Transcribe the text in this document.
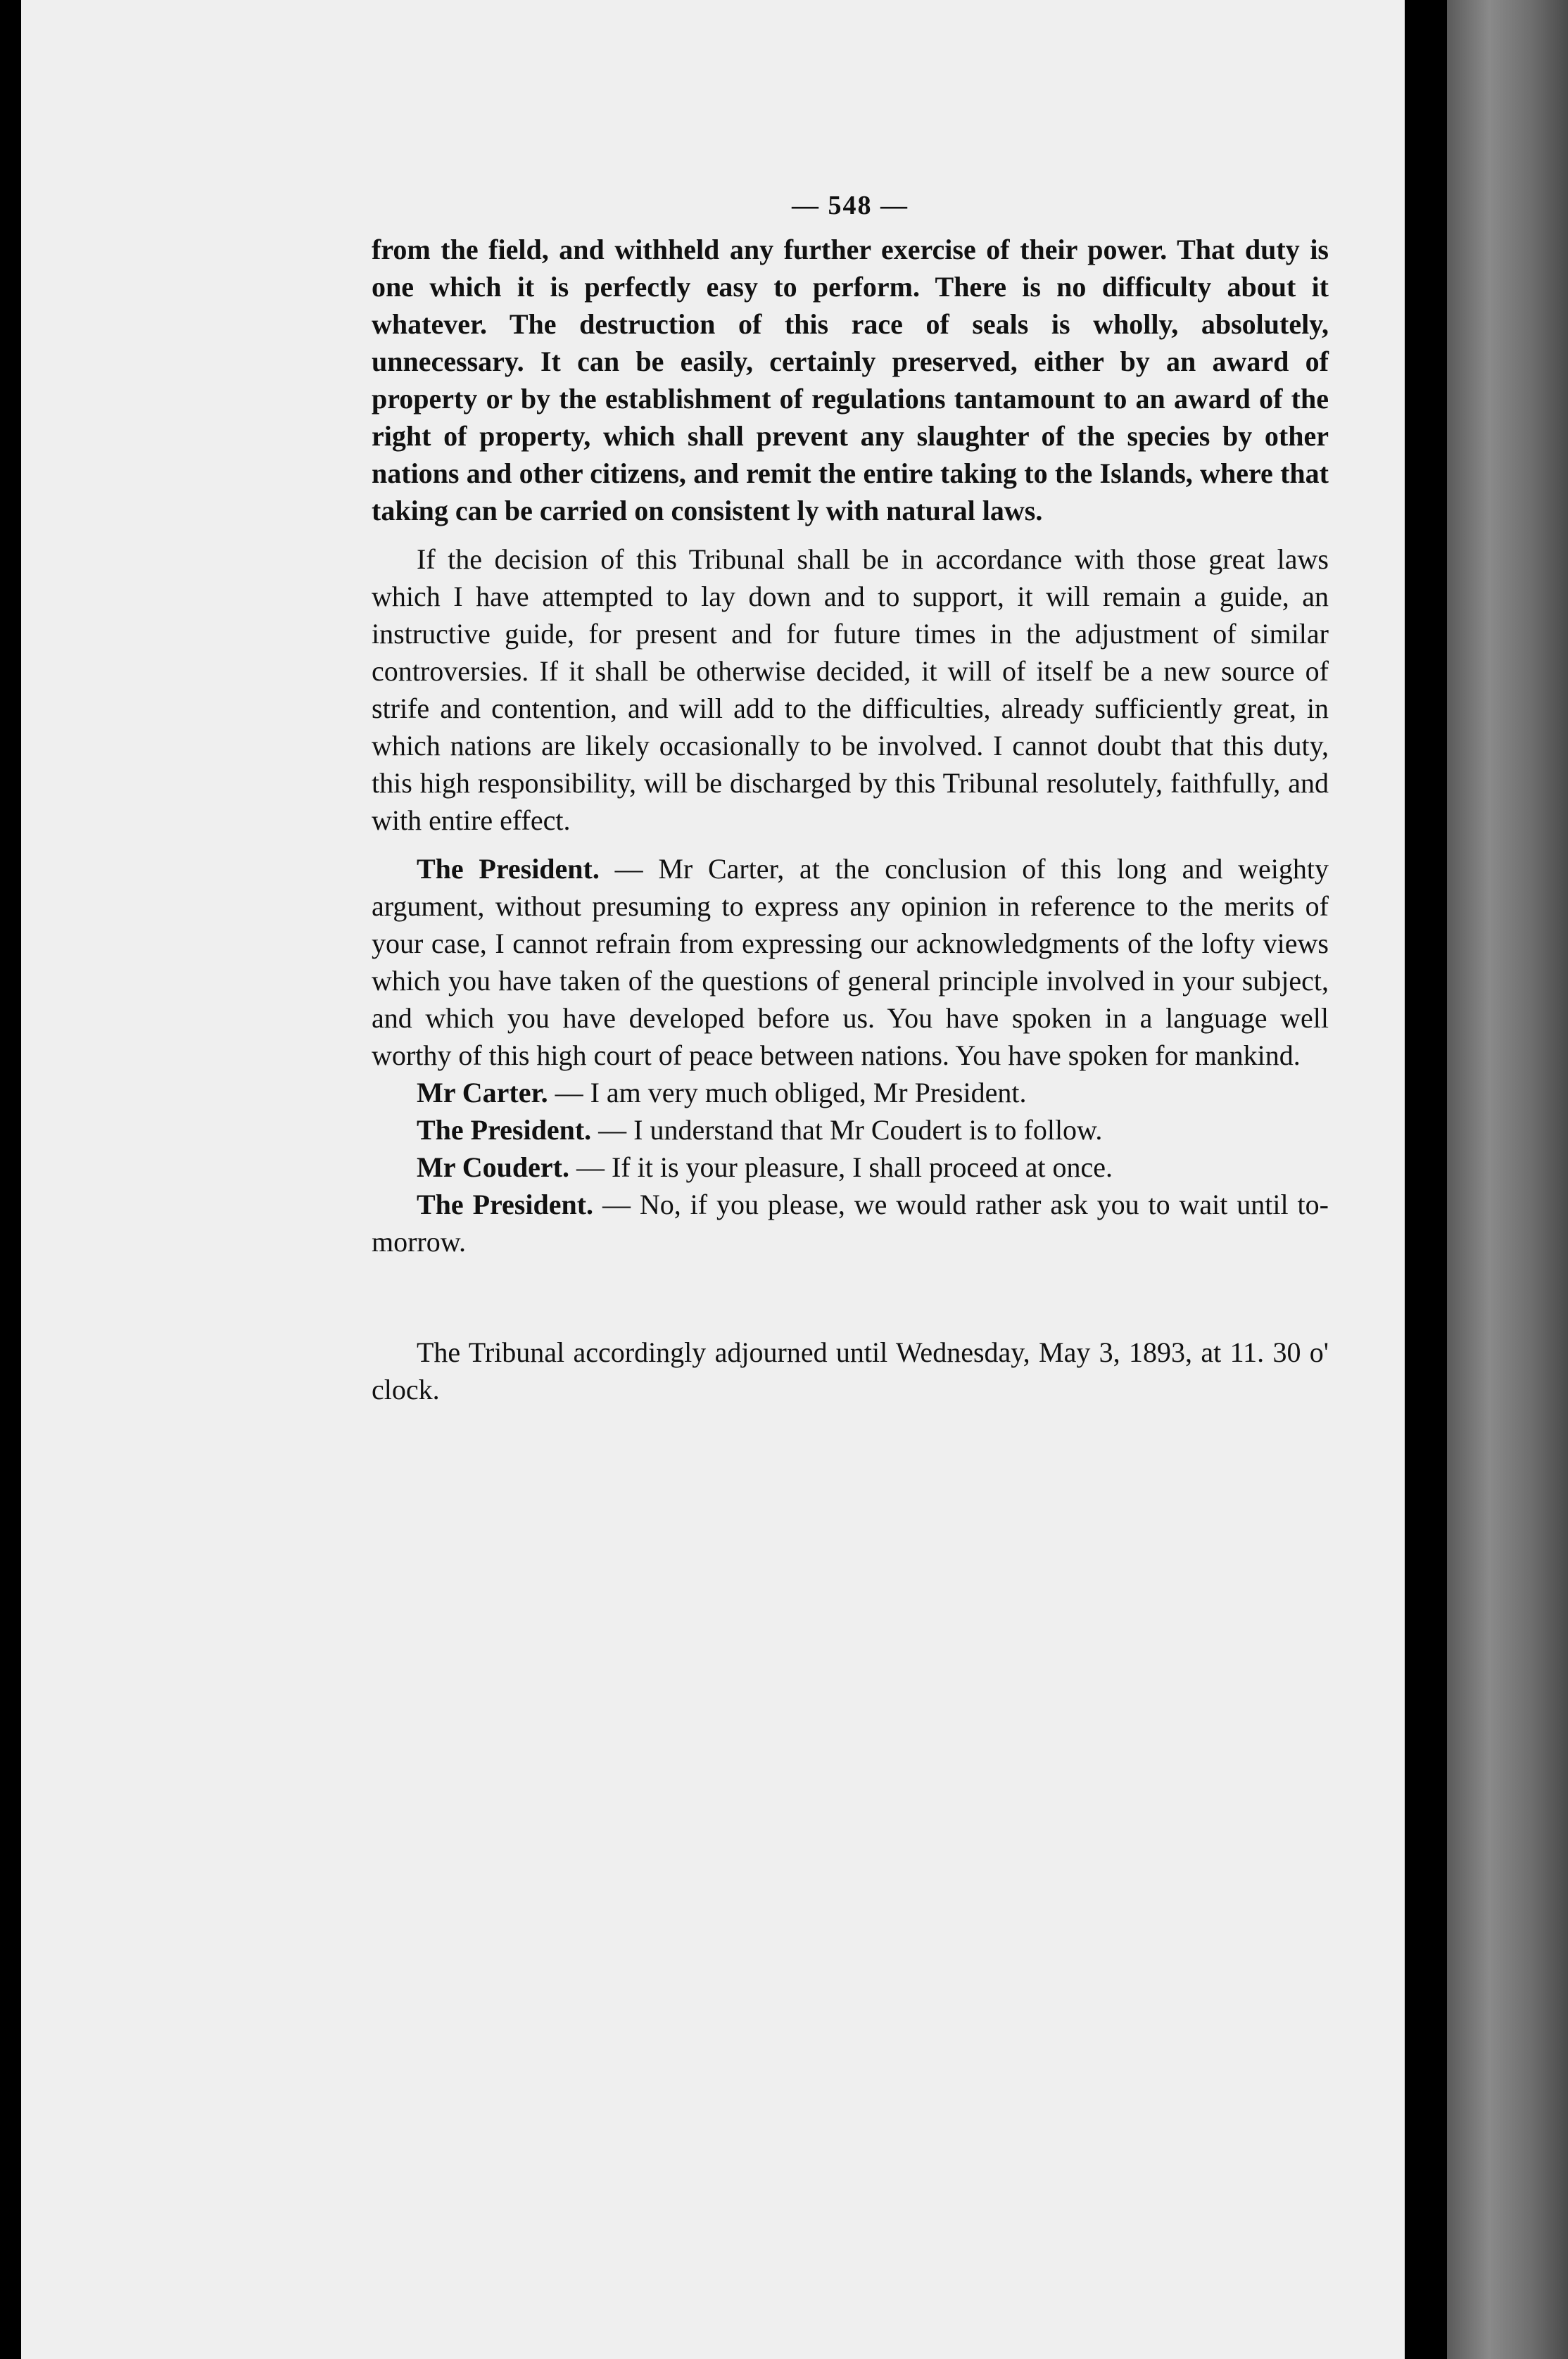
— 548 —

from the field, and withheld any further exercise of their power. That duty is one which it is perfectly easy to perform. There is no difficulty about it whatever. The destruction of this race of seals is wholly, absolutely, unnecessary. It can be easily, certainly preserved, either by an award of property or by the establishment of regulations tantamount to an award of the right of property, which shall prevent any slaughter of the species by other nations and other citizens, and remit the entire taking to the Islands, where that taking can be carried on consistent ly with natural laws.

If the decision of this Tribunal shall be in accordance with those great laws which I have attempted to lay down and to support, it will remain a guide, an instructive guide, for present and for future times in the adjustment of similar controversies. If it shall be otherwise decided, it will of itself be a new source of strife and contention, and will add to the difficulties, already sufficiently great, in which nations are likely occasionally to be involved. I cannot doubt that this duty, this high responsibility, will be discharged by this Tribunal resolutely, faithfully, and with entire effect.

The President. — Mr Carter, at the conclusion of this long and weighty argument, without presuming to express any opinion in reference to the merits of your case, I cannot refrain from expressing our acknowledgments of the lofty views which you have taken of the questions of general principle involved in your subject, and which you have developed before us. You have spoken in a language well worthy of this high court of peace between nations. You have spoken for mankind.

Mr Carter. — I am very much obliged, Mr President.

The President. — I understand that Mr Coudert is to follow.

Mr Coudert. — If it is your pleasure, I shall proceed at once.

The President. — No, if you please, we would rather ask you to wait until to-morrow.

The Tribunal accordingly adjourned until Wednesday, May 3, 1893, at 11. 30 o' clock.
